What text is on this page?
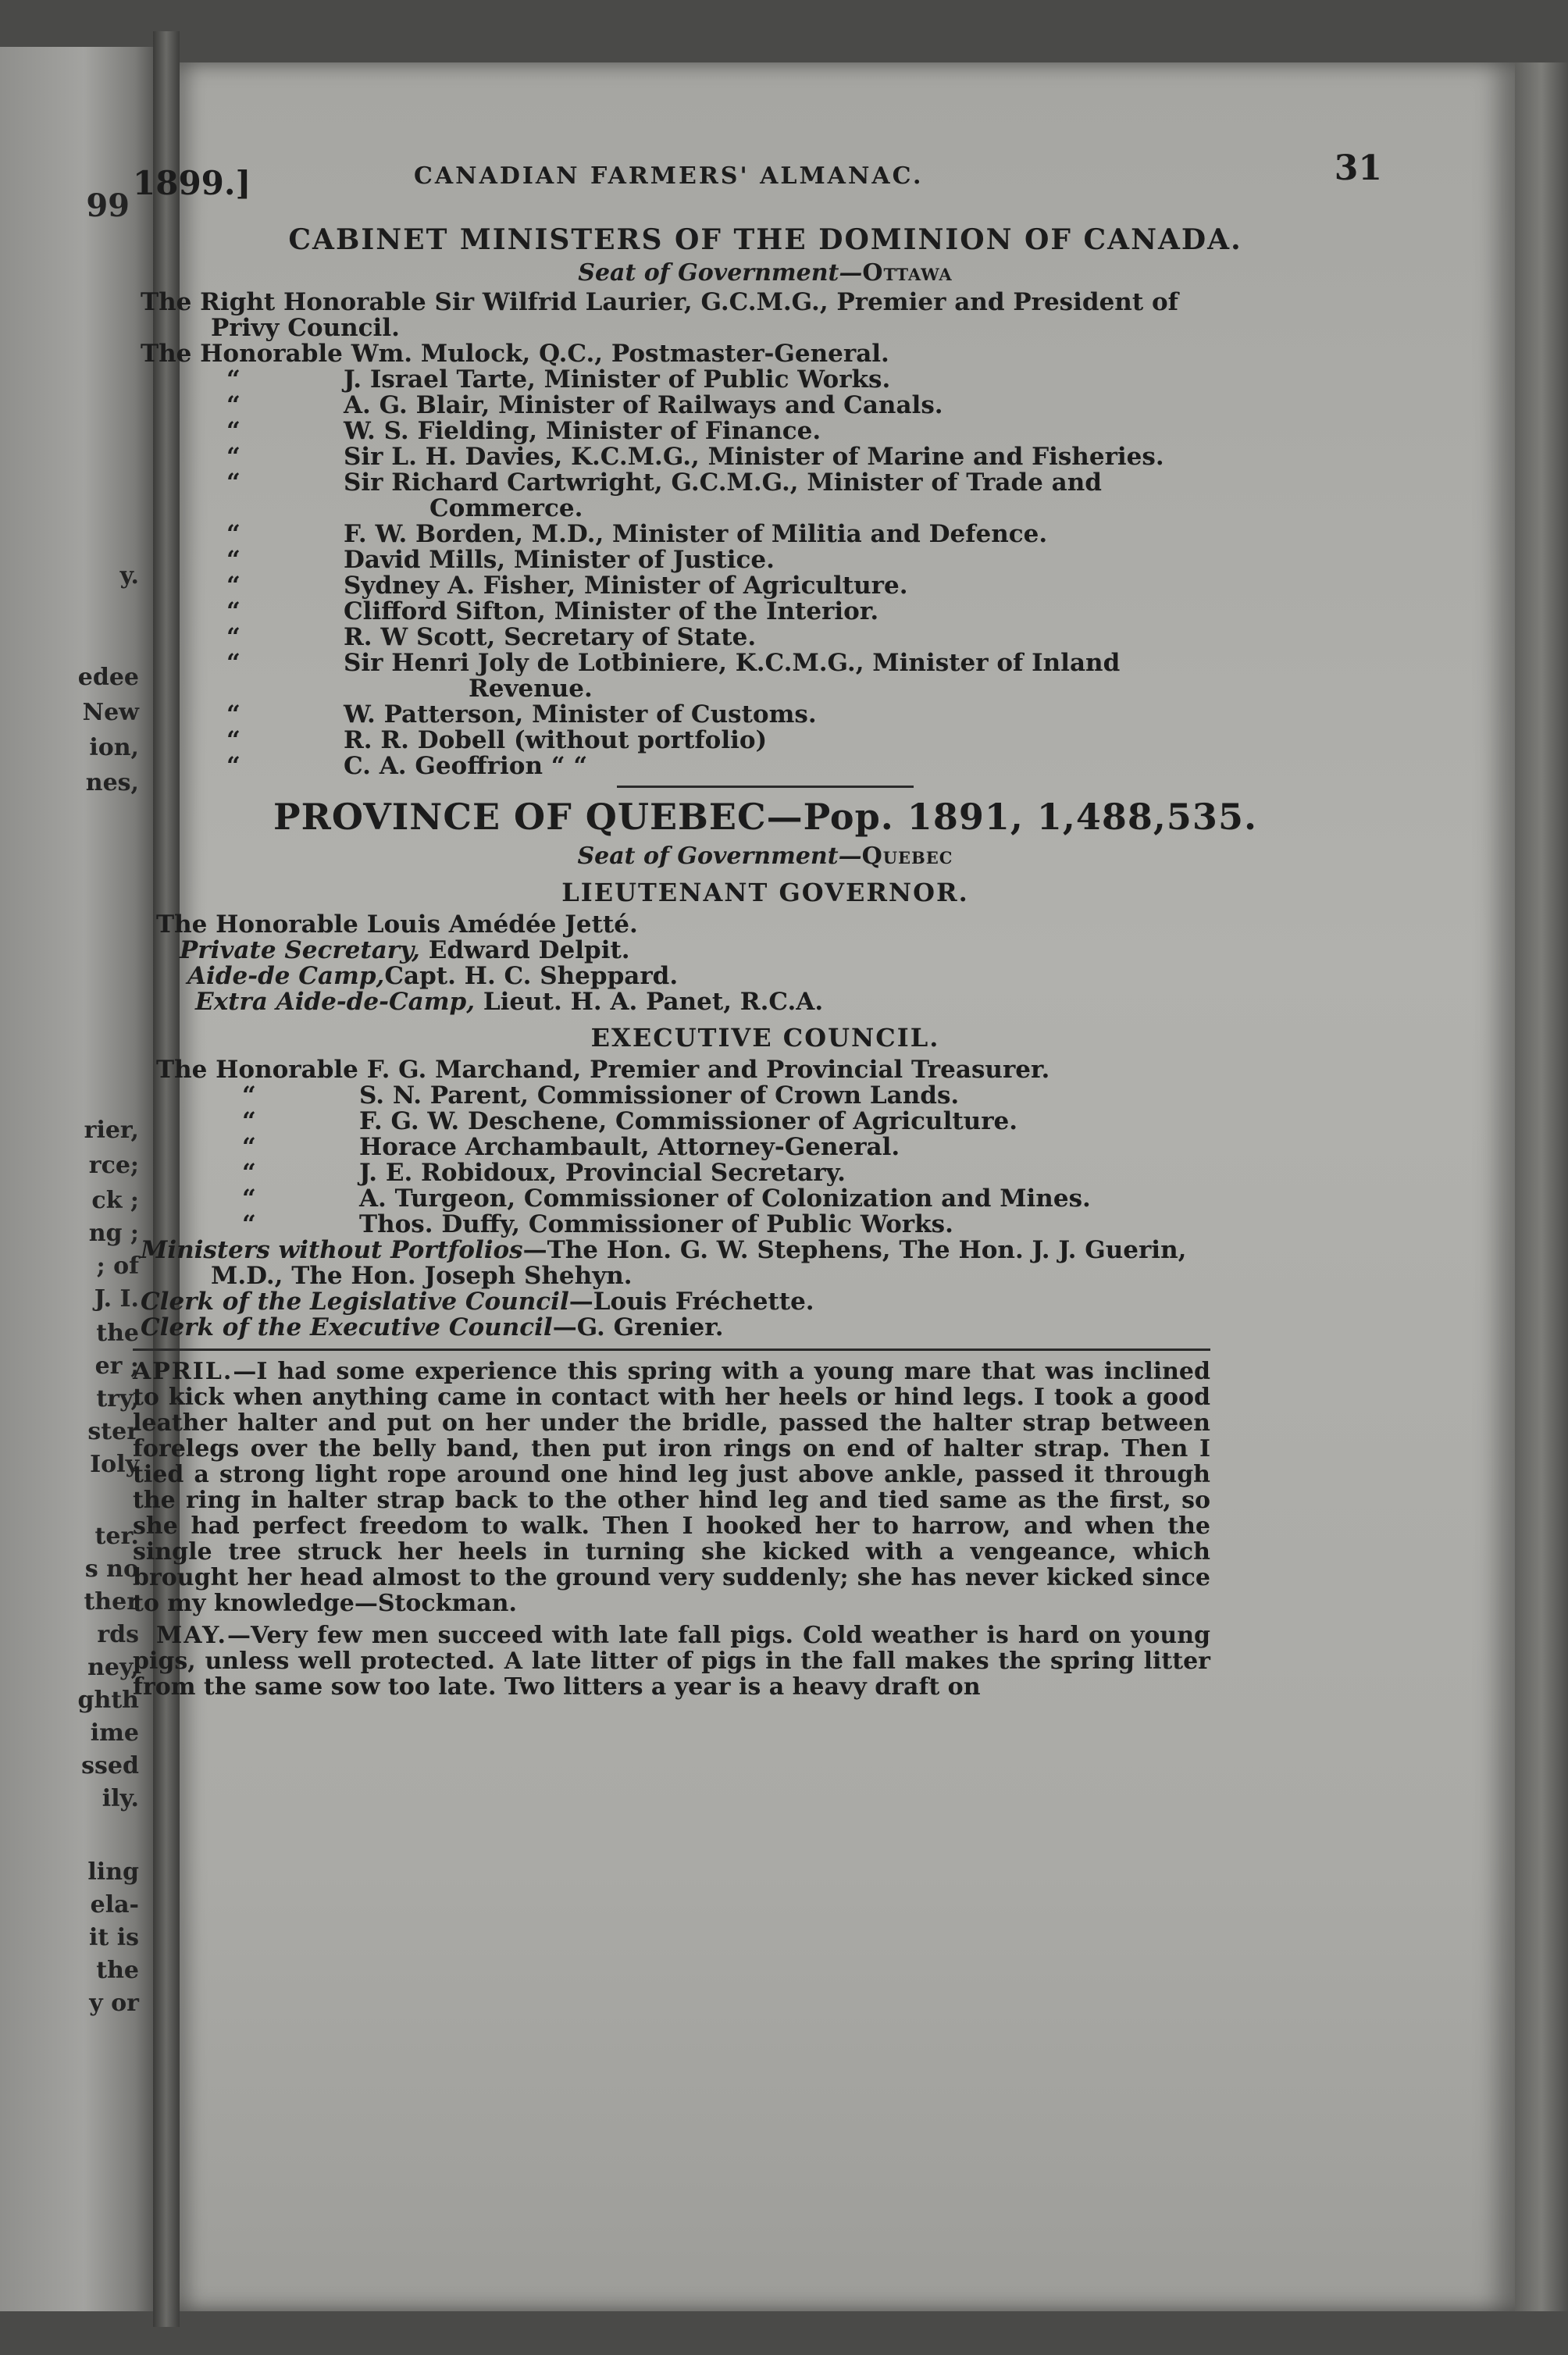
99
y.
edee
New
ion,
nes,
rier,
rce;
ck ;
ng ;
; of
J. I.
the
er ;
try,
ster
Ioly
ter.
s no
ther
rds
ney,
ghth
ime
ssed
ily.
ling
ela-
it is
the
y or
1899.]	CANADIAN FARMERS' ALMANAC.	31
CABINET MINISTERS OF THE DOMINION OF CANADA.
Seat of Government—Ottawa
The Right Honorable Sir Wilfrid Laurier, G.C.M.G., Premier and President of
Privy Council.
The Honorable Wm. Mulock, Q.C., Postmaster-General.
“	J. Israel Tarte, Minister of Public Works.
“	A. G. Blair, Minister of Railways and Canals.
“	W. S. Fielding, Minister of Finance.
“	Sir L. H. Davies, K.C.M.G., Minister of Marine and Fisheries.
“	Sir Richard Cartwright, G.C.M.G., Minister of Trade and
Commerce.
“	F. W. Borden, M.D., Minister of Militia and Defence.
“	David Mills, Minister of Justice.
“	Sydney A. Fisher, Minister of Agriculture.
“	Clifford Sifton, Minister of the Interior.
“	R. W Scott, Secretary of State.
“	Sir Henri Joly de Lotbiniere, K.C.M.G., Minister of Inland
Revenue.
“	W. Patterson, Minister of Customs.
“	R. R. Dobell (without portfolio)
“	C. A. Geoffrion “ “
PROVINCE OF QUEBEC—Pop. 1891, 1,488,535.
Seat of Government—Quebec
LIEUTENANT GOVERNOR.
The Honorable Louis Amédée Jetté.
Private Secretary, Edward Delpit.
Aide-de Camp,Capt. H. C. Sheppard.
Extra Aide-de-Camp, Lieut. H. A. Panet, R.C.A.
EXECUTIVE COUNCIL.
The Honorable F. G. Marchand, Premier and Provincial Treasurer.
“	S. N. Parent, Commissioner of Crown Lands.
“	F. G. W. Deschene, Commissioner of Agriculture.
“	Horace Archambault, Attorney-General.
“	J. E. Robidoux, Provincial Secretary.
“	A. Turgeon, Commissioner of Colonization and Mines.
“	Thos. Duffy, Commissioner of Public Works.
Ministers without Portfolios—The Hon. G. W. Stephens, The Hon. J. J. Guerin,
M.D., The Hon. Joseph Shehyn.
Clerk of the Legislative Council—Louis Fréchette.
Clerk of the Executive Council—G. Grenier.
APRIL.—I had some experience this spring with a young mare that was inclined to kick when anything came in contact with her heels or hind legs. I took a good leather halter and put on her under the bridle, passed the halter strap between forelegs over the belly band, then put iron rings on end of halter strap. Then I tied a strong light rope around one hind leg just above ankle, passed it through the ring in halter strap back to the other hind leg and tied same as the first, so she had perfect freedom to walk. Then I hooked her to harrow, and when the single tree struck her heels in turning she kicked with a vengeance, which brought her head almost to the ground very suddenly; she has never kicked since to my knowledge—Stockman.
MAY.—Very few men succeed with late fall pigs. Cold weather is hard on young pigs, unless well protected. A late litter of pigs in the fall makes the spring litter from the same sow too late. Two litters a year is a heavy draft on
